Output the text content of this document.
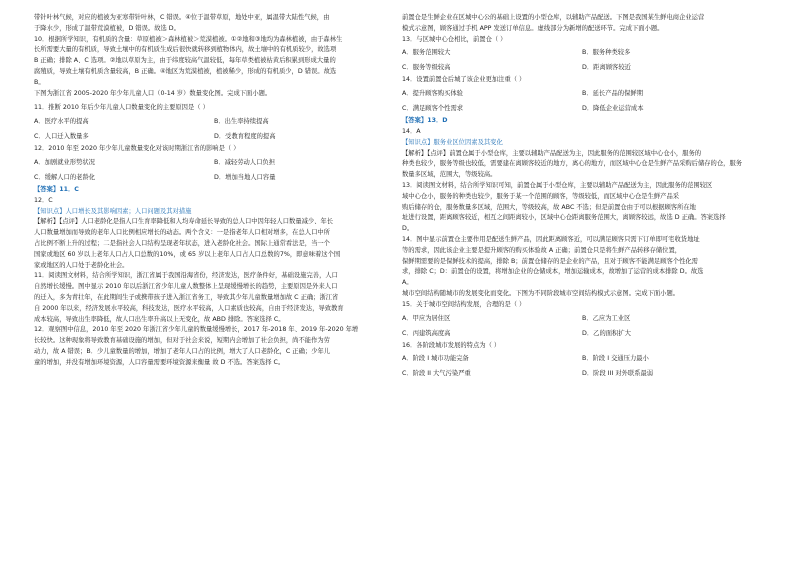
带针叶林气候，对应的植被为亚寒带针叶林，C 错误。④位于温带草原，地处中亚，属温带大陆性气候，由
于降水少，形成了温带荒漠植被，D 错误。故选 D。
10．根据所学知识，有机质的含量：草原植被＞森林植被＞荒漠植被。①②地和③地均为森林植被，由于森林生
长所需要大量的有机质，导致土壤中的有机质生成后很快就转移到植物体内，故土壤中的有机质较少，故选项
B 正确；排除 A、C 选项。②地以草原为主，由于纬度较高气温较低，每年草类植被枯黄后积累到形成大量的
腐殖质，导致土壤有机质含量较高，B 正确。④地区为荒漠植被，植被稀少，形成的有机质少，D 错误。故选
B。
下图为浙江省 2005-2020 年少年儿童人口（0-14 岁）数量变化图。完成下面小题。
11．推断 2010 年后少年儿童人口数量变化的主要原因是（ ）
A．医疗水平的提高	B．出生率持续提高
C．人口迁入数量多	D．受教育程度的提高
12．2010 年至 2020 年少年儿童数量变化对该时期浙江省的影响是（ ）
A．加剧就业形势状况	B．减轻劳动人口负担
C．缓解人口的老龄化	D．增加当地人口容量
【答案】11．C
12．C
【知识点】人口增长及其影响因素；人口问题及其对措施
【解析】【点评】人口老龄化是指人口生育率降低和人均寿命延长导致的总人口中因年轻人口数量减少、年长
人口数量增加而导致的老年人口比例相应增长的动态。两个含义：一是指老年人口相对增多，在总人口中所
占比例不断上升的过程；二是指社会人口结构呈现老年状态，进入老龄化社会。国际上通常看法是，当一个
国家或地区 60 岁以上老年人口占人口总数的10%，或 65 岁以上老年人口占人口总数的7%，即意味着这个国
家或地区的人口处于老龄化社会。
11．阅读图文材料，结合所学知识，浙江省属于我国沿海省份，经济发达，医疗条件好，基础设施完善，人口
自然增长缓慢。图中显示 2010 年以后浙江省少年儿童人数整体上呈现缓慢增长的趋势，主要原因是外来人口
的迁入，多为青壮年，在此期间生子或携带孩子进入浙江省务工，导致其少年儿童数量增加故 C 正确；浙江省
自 2000 年以来，经济发展水平较高，科技发达，医疗水平较高，人口素质也较高，自由于经济发达，导致教育
成本较高，导致出生率降低，故人口出生率升高以上无变化，故 ABD 排除。答案选择 C。
12．观察图中信息，2010 年至 2020 年浙江省少年儿童的数量缓慢增长，2017 年-2018 年、2019 年-2020 年增
长较快。这种现象将导致教育基础设施的增加，但对于社会来说，短期内会增加了社会负担，尚不能作为劳
动力，故 A 错误；B．少儿童数量的增加，增加了老年人口占的比例，增大了人口老龄化，C 正确；少年儿
童的增加，并没有增加环境资源，人口容量需要环境资源来衡量 故 D 不选。答案选择 C。
前置仓是生鲜企业在区城中心公的基础上设置的小型仓库，以辅助产品配送。下图是我国某生鲜电商企业运营
模式示意图，顾客通过手机 APP 发送订单信息。虚线部分为新增的配送环节。完成下面小题。
13．与区城中心仓相比，前置仓（ ）
A．服务范围较大	B．服务种类较多
C．服务等级较高	D．距离顾客较近
14．设置前置仓后城了该企业更加注重（ ）
A．提升顾客购买体验	B．延长产品的保鲜期
C．满足顾客个性需求	D．降低企业运营成本
【答案】13．D
14．A
【知识点】服务业区位因素及其变化
【解析】【点评】前置仓属于小型仓库，主要以辅助产品配送为主，因此服务的范围较区域中心仓小，服务的
种类也较少，服务等级也较低，需要建在离顾客较近的地方，离心的地方，而区域中心仓是生鲜产品采购后储存的仓，服务
数量多区域，范围大，等级较高。
13．阅读图文材料，结合所学知识可知，前置仓属于小型仓库，主要以辅助产品配送为主，因此服务的范围较区
域中心仓小，服务的种类也较少，服务于某一个范围的顾客，等级较低，而区域中心仓是生鲜产品采
购后储存的仓，服务数量多区域，范围大，等级较高，故 ABC 不选；但是前置仓由于可以根据顾客所在地
址进行设置，距离顾客较近，相互之间距离较小，区域中心仓距离服务范围大，离顾客较远，故选 D 正确。答案选择
D。
14．图中显示前置仓主要作用是配送生鲜产品，因此距离顾客近，可以满足顾客只需下订单即可宅收货地址
等的需求，因此该企业主要是提升顾客的购买体验故 A 正确；前置仓只是将生鲜产品转移存储位置，
保鲜期需要的是保鲜技术的提高，排除 B；前置仓储存的是企业的产品，且对于顾客不能满足顾客个性化需
求，排除 C；D：前置仓的设置，将增加企业的仓储成本，增加运输成本，故增加了运营的成本排除 D。故选
A。
城市空间结构随城市的发展变化而变化。下图为不同阶段城市空间结构模式示意图。完成下面小题。
15．关于城市空间结构发展，合理的是（ ）
A．甲应为居住区	B．乙应为工业区
C．丙建筑高度高	D．乙的面积扩大
16．各阶段城市发展的特点为（ ）
A．阶段 I 城市功能完备	B．阶段 I 交通压力最小
C．阶段 II 大气污染严重	D．阶段 III 对外联系最弱
